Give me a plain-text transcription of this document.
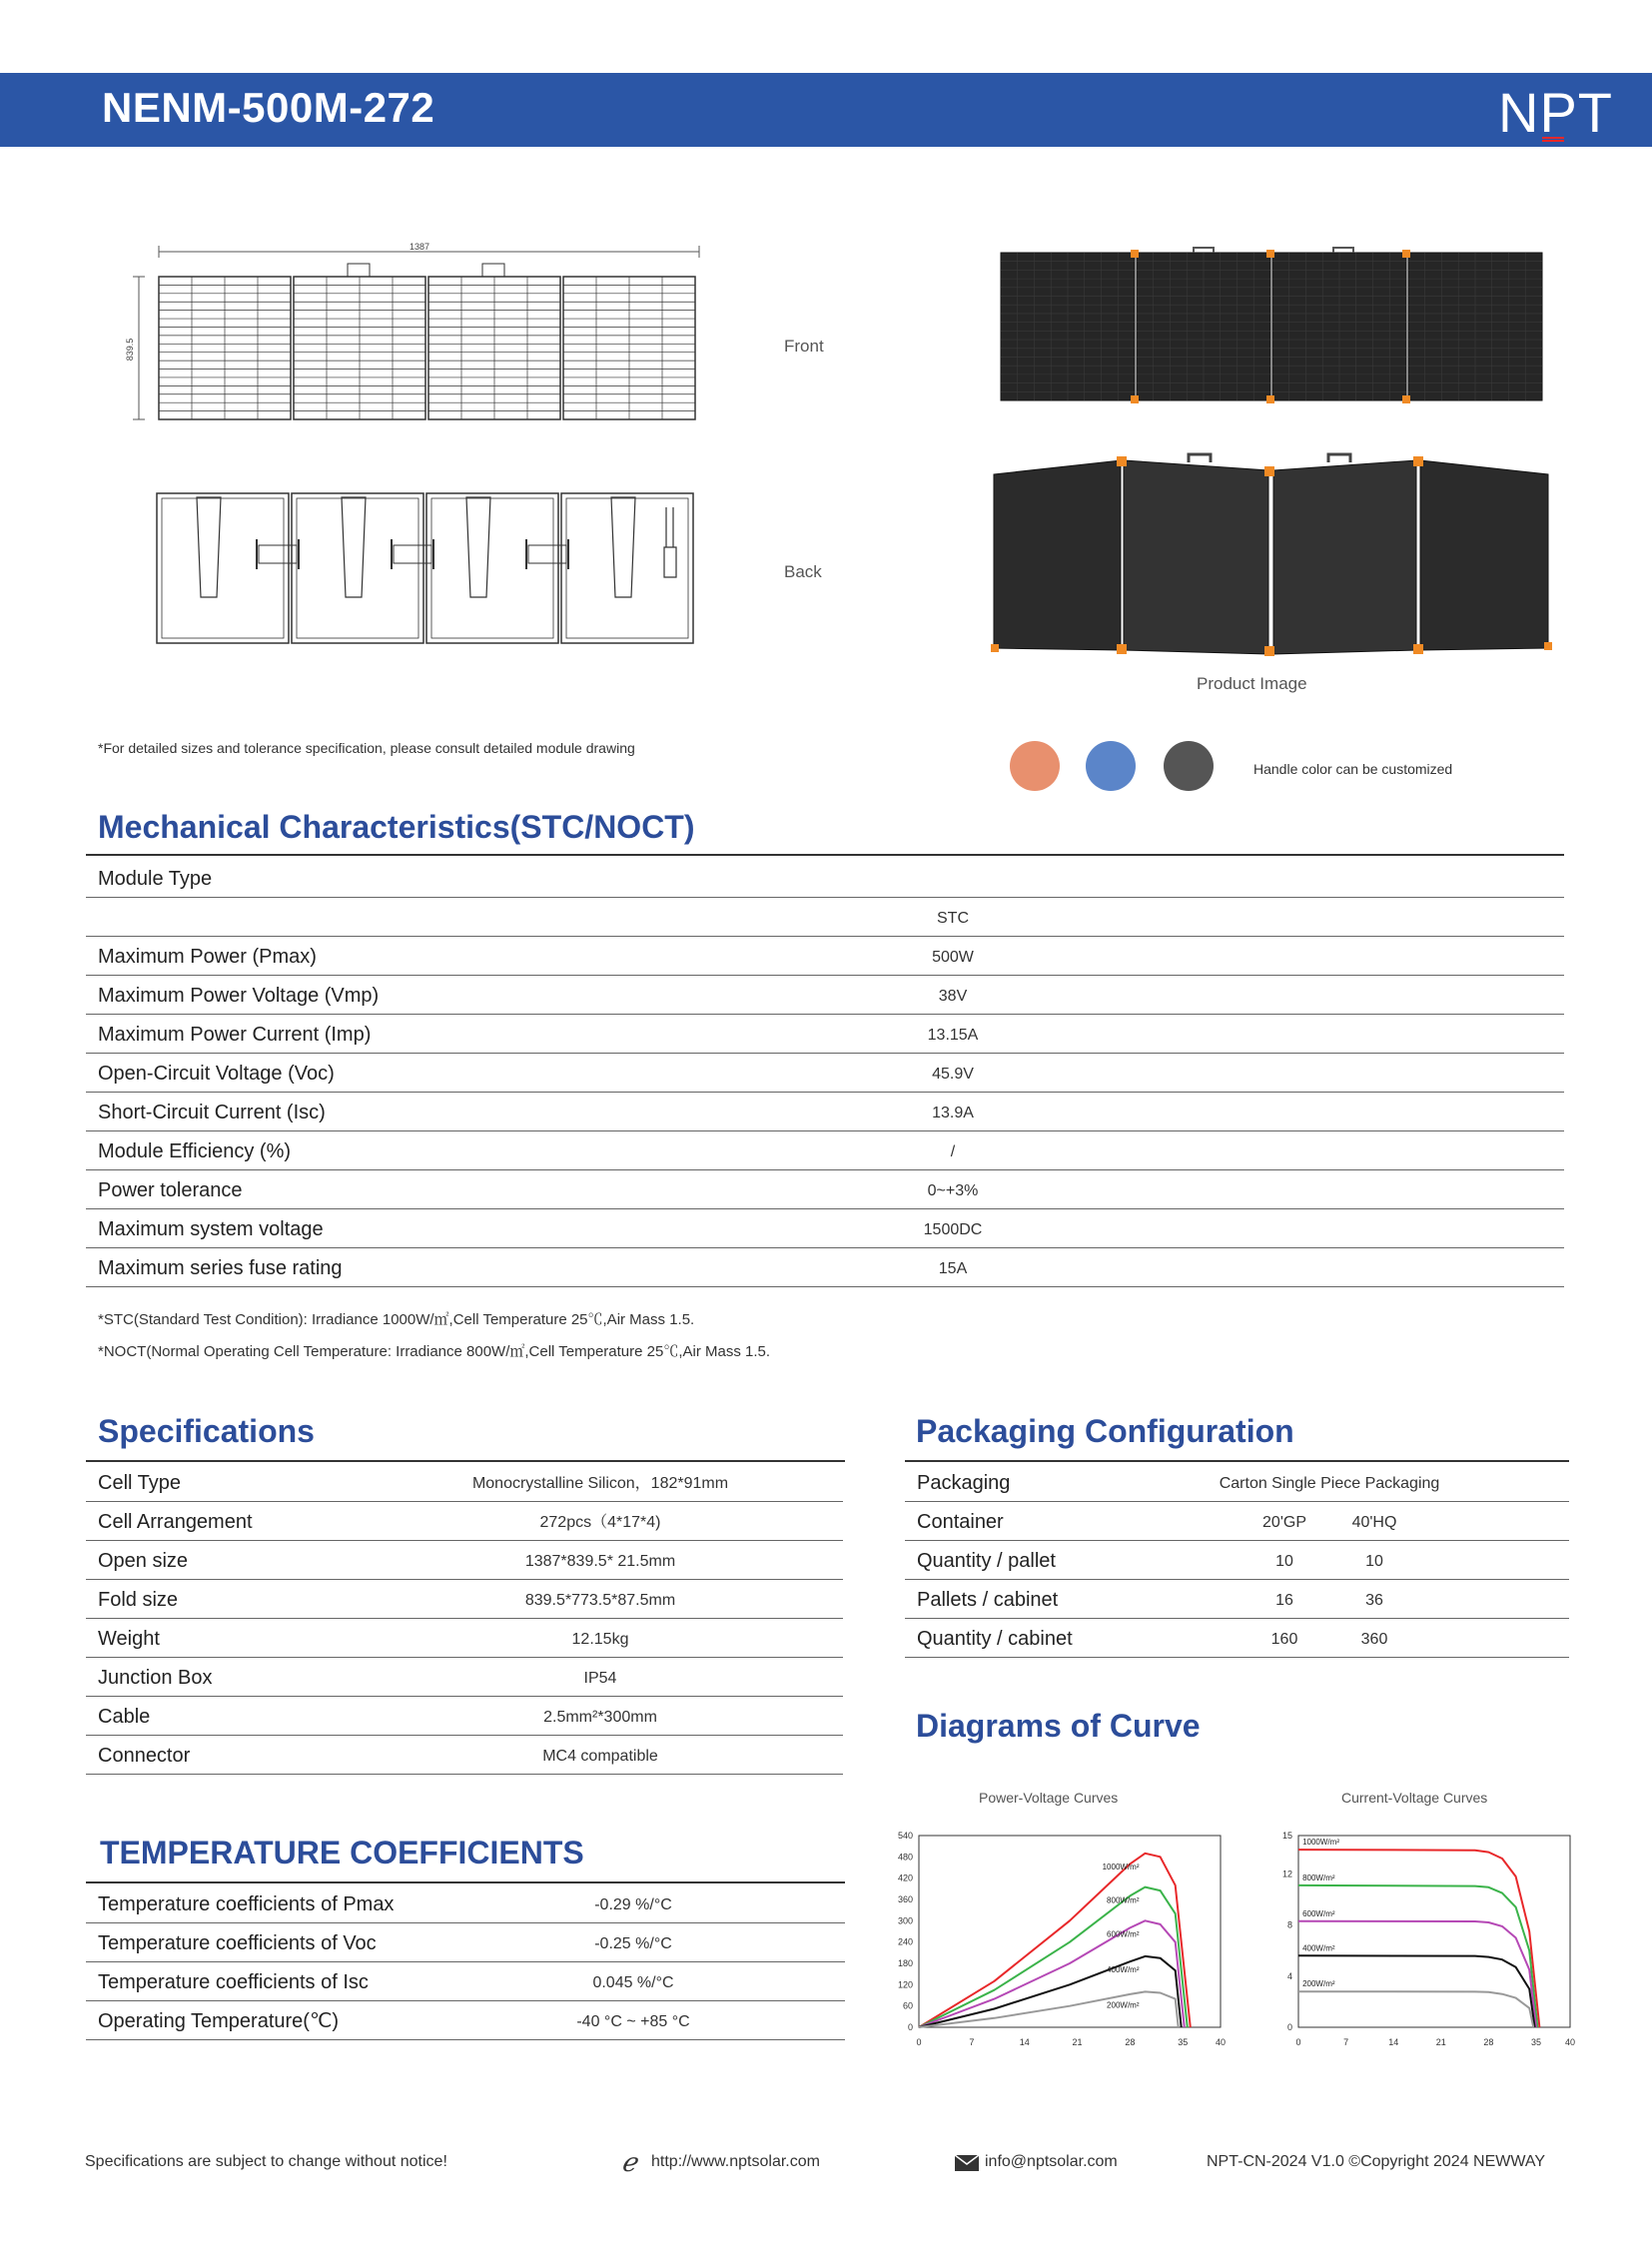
NENM-500M-272	NPT
1387
839.5	Front
Back
Product Image
*For detailed sizes and tolerance specification, please consult detailed module drawing
Handle color can be customized
Mechanical Characteristics(STC/NOCT)
Module Type
STC
Maximum Power (Pmax)	500W
Maximum Power Voltage (Vmp)	38V
Maximum Power Current (Imp)	13.15A
Open-Circuit Voltage (Voc)	45.9V
Short-Circuit Current (Isc)	13.9A
Module Efficiency (%)	/
Power tolerance	0~+3%
Maximum system voltage	1500DC
Maximum series fuse rating	15A
*STC(Standard Test Condition): Irradiance 1000W/㎡,Cell Temperature 25℃,Air Mass 1.5.
*NOCT(Normal Operating Cell Temperature: Irradiance 800W/㎡,Cell Temperature 25℃,Air Mass 1.5.
Specifications
Cell Type	Monocrystalline Silicon，182*91mm
Cell Arrangement	272pcs（4*17*4)
Open size	1387*839.5* 21.5mm
Fold size	839.5*773.5*87.5mm
Weight	12.15kg
Junction Box	IP54
Cable	2.5mm²*300mm
Connector	MC4 compatible
Packaging Configuration
Packaging	Carton Single Piece Packaging
Container	20'GP	40'HQ
Quantity / pallet	10	10
Pallets / cabinet	16	36
Quantity / cabinet	160	360
TEMPERATURE COEFFICIENTS
Temperature coefficients of Pmax	-0.29 %/°C
Temperature coefficients of Voc	-0.25 %/°C
Temperature coefficients of Isc	0.045 %/°C
Operating Temperature(℃)	-40 °C ~ +85 °C
Diagrams of Curve
Power-Voltage Curves	Current-Voltage Curves
0
60
120
180
240
300
360
420
480
540
0	7	14	21	28	35	40
1000W/m²
800W/m²
600W/m²
400W/m²
200W/m²
0
4
8
12
15
0	7	14	21	28	35	40
1000W/m²
800W/m²
600W/m²
400W/m²
200W/m²
Specifications are subject to change without notice!	ℯ http://www.nptsolar.com	info@nptsolar.com	NPT-CN-2024 V1.0 ©Copyright 2024 NEWWAY
